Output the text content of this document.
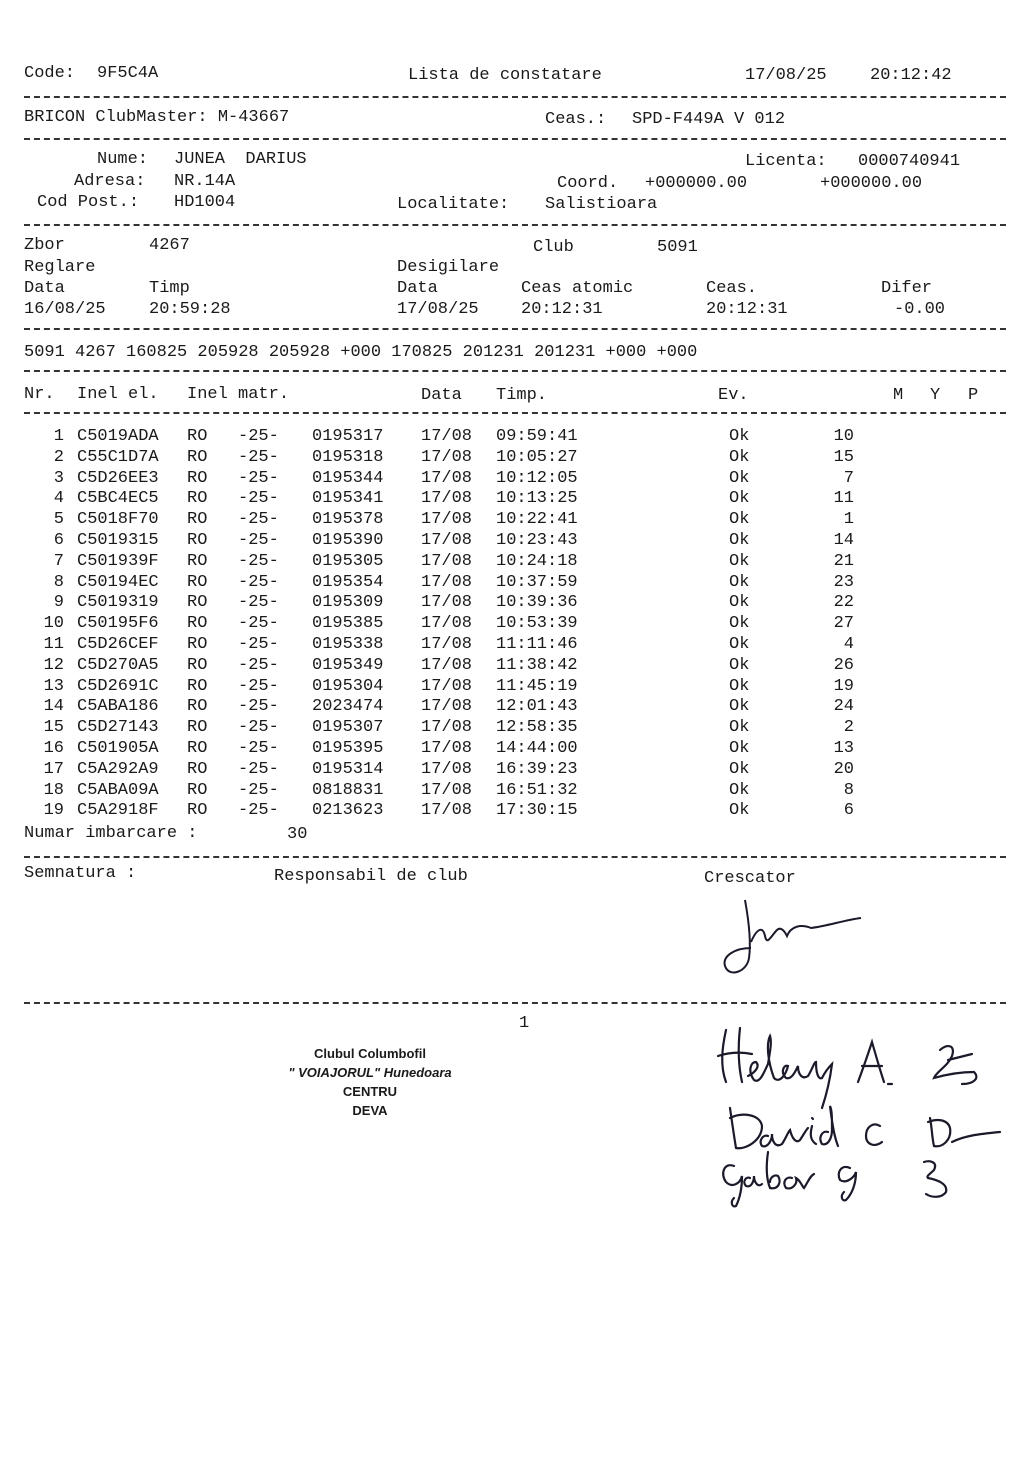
Code: 9F5C4A	Lista de constatare	17/08/25	20:12:42
BRICON ClubMaster: M-43667	Ceas.: SPD-F449A V 012
Nume: JUNEA  DARIUS	Licenta: 0000740941
Adresa: NR.14A	Coord. +000000.00	+000000.00
Cod Post.: HD1004	Localitate: Salistioara
Zbor	4267	Club	5091
Reglare	Desigilare
Data	Timp	Data	Ceas atomic	Ceas.	Difer
16/08/25	20:59:28	17/08/25 20:12:31	20:12:31	-0.00
5091 4267 160825 205928 205928 +000 170825 201231 201231 +000 +000
Nr. Inel el. Inel matr.	Data Timp.	Ev.	M Y P
1 C5019ADA RO -25- 0195317 17/08 09:59:41	Ok	10
2 C55C1D7A RO -25- 0195318 17/08 10:05:27	Ok	15
3 C5D26EE3 RO -25- 0195344 17/08 10:12:05	Ok	7
4 C5BC4EC5 RO -25- 0195341 17/08 10:13:25	Ok	11
5 C5018F70 RO -25- 0195378 17/08 10:22:41	Ok	1
6 C5019315 RO -25- 0195390 17/08 10:23:43	Ok	14
7 C501939F RO -25- 0195305 17/08 10:24:18	Ok	21
8 C50194EC RO -25- 0195354 17/08 10:37:59	Ok	23
9 C5019319 RO -25- 0195309 17/08 10:39:36	Ok	22
10 C50195F6 RO -25- 0195385 17/08 10:53:39	Ok	27
11 C5D26CEF RO -25- 0195338 17/08 11:11:46	Ok	4
12 C5D270A5 RO -25- 0195349 17/08 11:38:42	Ok	26
13 C5D2691C RO -25- 0195304 17/08 11:45:19	Ok	19
14 C5ABA186 RO -25- 2023474 17/08 12:01:43	Ok	24
15 C5D27143 RO -25- 0195307 17/08 12:58:35	Ok	2
16 C501905A RO -25- 0195395 17/08 14:44:00	Ok	13
17 C5A292A9 RO -25- 0195314 17/08 16:39:23	Ok	20
18 C5ABA09A RO -25- 0818831 17/08 16:51:32	Ok	8
19 C5A2918F RO -25- 0213623 17/08 17:30:15	Ok	6
Numar imbarcare :	30
Semnatura :	Responsabil de club	Crescator
1
Clubul Columbofil
" VOIAJORUL" Hunedoara
CENTRU
DEVA
